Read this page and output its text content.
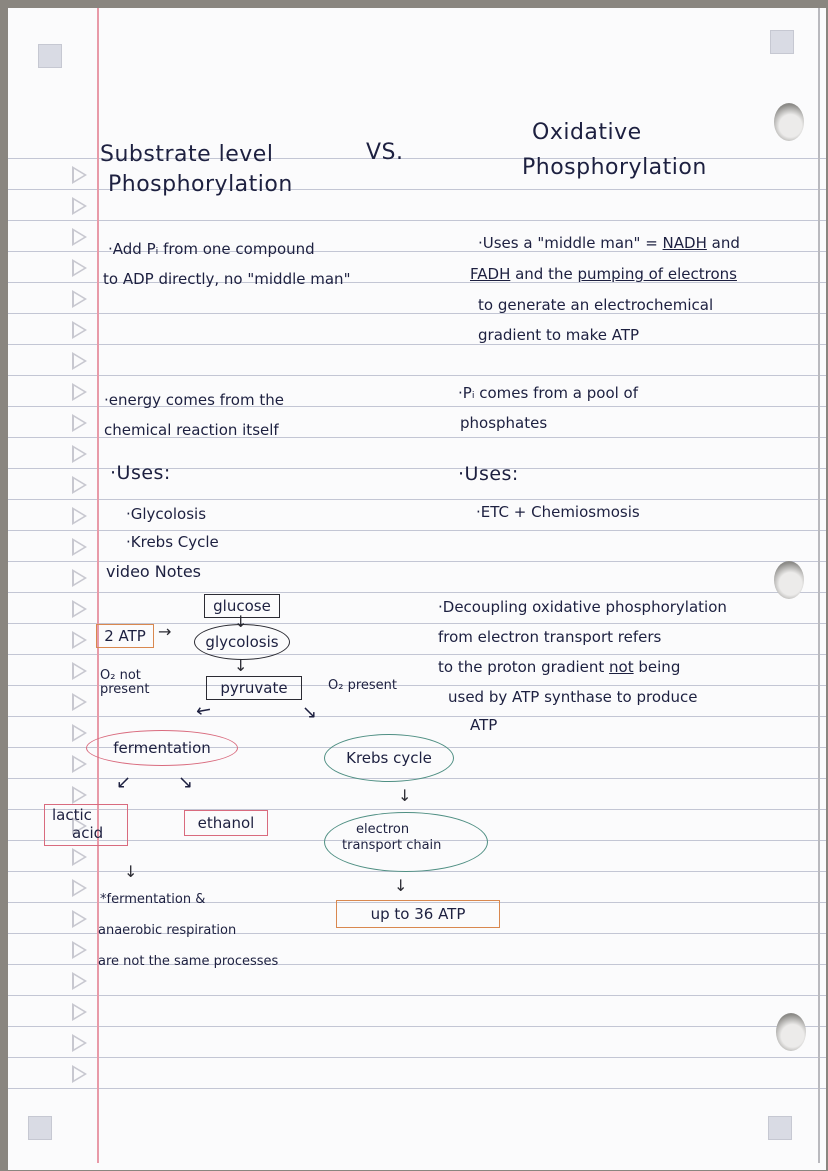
Substrate level
Phosphorylation
VS.
Oxidative
Phosphorylation
·Add Pᵢ from one compound
to ADP directly, no "middle man"
·energy comes from the
chemical reaction itself
·Uses:
·Glycolosis
·Krebs Cycle
·Uses a "middle man" = NADH and
FADH and the pumping of electrons
to generate an electrochemical
gradient to make ATP
·Pᵢ comes from a pool of
phosphates
·Uses:
·ETC + Chemiosmosis
video Notes
·Decoupling oxidative phosphorylation
from electron transport refers
to the proton gradient not being
used by ATP synthase to produce
ATP
glucose
↓
2 ATP →
glycolosis
↓
O₂ not
present	pyruvate	O₂ present
↙	↘
fermentation
Krebs cycle
↙	↘
↓
lactic
acid
ethanol	electron
transport chain
↓
↓
up to 36 ATP
*fermentation &
anaerobic respiration
are not the same processes
